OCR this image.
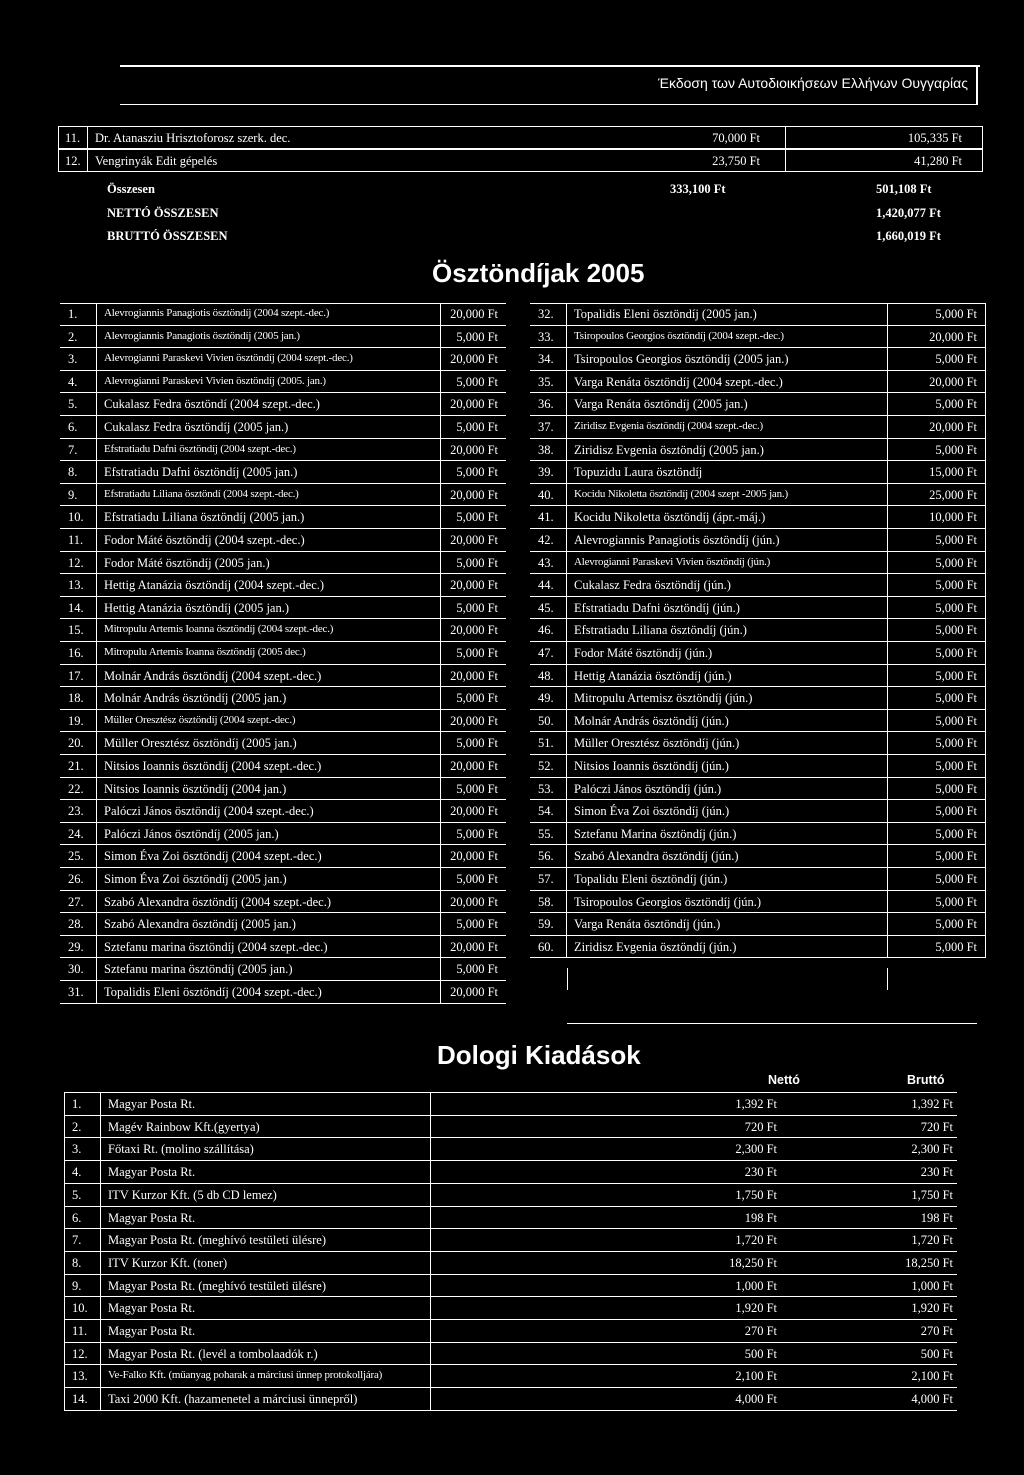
Έκδοση των Αυτοδιοικήσεων Ελλήνων Ουγγαρίας
11. Dr. Atanasziu Hrisztoforosz szerk. dec.	70,000 Ft	105,335 Ft
12. Vengrinyák Edit gépelés	23,750 Ft	41,280 Ft
Összesen	333,100 Ft	501,108 Ft
NETTÓ ÖSSZESEN	1,420,077 Ft
BRUTTÓ ÖSSZESEN	1,660,019 Ft
Ösztöndíjak 2005
1. Alevrogiannis Panagiotis ösztöndíj (2004 szept.-dec.)	20,000 Ft
2. Alevrogiannis Panagiotis ösztöndíj (2005 jan.)	5,000 Ft
3. Alevrogianni Paraskevi Vivien ösztöndíj (2004 szept.-dec.)	20,000 Ft
4. Alevrogianni Paraskevi Vivien ösztöndíj (2005. jan.)	5,000 Ft
5. Cukalasz Fedra ösztöndí (2004 szept.-dec.)	20,000 Ft
6. Cukalasz Fedra ösztöndíj (2005 jan.)	5,000 Ft
7. Efstratiadu Dafni ösztöndíj (2004 szept.-dec.)	20,000 Ft
8. Efstratiadu Dafni ösztöndíj (2005 jan.)	5,000 Ft
9. Efstratiadu Liliana ösztöndí (2004 szept.-dec.)	20,000 Ft
10. Efstratiadu Liliana ösztöndíj (2005 jan.)	5,000 Ft
11. Fodor Máté ösztöndíj (2004 szept.-dec.)	20,000 Ft
12. Fodor Máté ösztöndíj (2005 jan.)	5,000 Ft
13. Hettig Atanázia ösztöndíj (2004 szept.-dec.)	20,000 Ft
14. Hettig Atanázia ösztöndíj (2005 jan.)	5,000 Ft
15. Mitropulu Artemis Ioanna ösztöndíj (2004 szept.-dec.)	20,000 Ft
16. Mitropulu Artemis Ioanna ösztöndíj (2005 dec.)	5,000 Ft
17. Molnár András ösztöndíj (2004 szept.-dec.)	20,000 Ft
18. Molnár András ösztöndíj (2005 jan.)	5,000 Ft
19. Müller Oresztész ösztöndíj (2004 szept.-dec.)	20,000 Ft
20. Müller Oresztész ösztöndíj (2005 jan.)	5,000 Ft
21. Nitsios Ioannis ösztöndíj (2004 szept.-dec.)	20,000 Ft
22. Nitsios Ioannis ösztöndíj (2004 jan.)	5,000 Ft
23. Palóczi János ösztöndíj (2004 szept.-dec.)	20,000 Ft
24. Palóczi János ösztöndíj (2005 jan.)	5,000 Ft
25. Simon Éva Zoi ösztöndíj (2004 szept.-dec.)	20,000 Ft
26. Simon Éva Zoi ösztöndíj (2005 jan.)	5,000 Ft
27. Szabó Alexandra ösztöndíj (2004 szept.-dec.)	20,000 Ft
28. Szabó Alexandra ösztöndíj (2005 jan.)	5,000 Ft
29. Sztefanu marina ösztöndíj (2004 szept.-dec.)	20,000 Ft
30. Sztefanu marina ösztöndíj (2005 jan.)	5,000 Ft
31. Topalidis Eleni ösztöndíj (2004 szept.-dec.)	20,000 Ft
32. Topalidis Eleni ösztöndíj (2005 jan.)	5,000 Ft
33. Tsiropoulos Georgios ösztöndíj (2004 szept.-dec.)	20,000 Ft
34. Tsiropoulos Georgios ösztöndíj (2005 jan.)	5,000 Ft
35. Varga Renáta ösztöndíj (2004 szept.-dec.)	20,000 Ft
36. Varga Renáta ösztöndíj (2005 jan.)	5,000 Ft
37. Ziridisz Evgenia ösztöndíj (2004 szept.-dec.)	20,000 Ft
38. Ziridisz Evgenia ösztöndíj (2005 jan.)	5,000 Ft
39. Topuzidu Laura ösztöndíj	15,000 Ft
40. Kocidu Nikoletta ösztöndíj (2004 szept -2005 jan.)	25,000 Ft
41. Kocidu Nikoletta ösztöndíj (ápr.-máj.)	10,000 Ft
42. Alevrogiannis Panagiotis ösztöndíj (jún.)	5,000 Ft
43. Alevrogianni Paraskevi Vivien ösztöndíj (jún.)	5,000 Ft
44. Cukalasz Fedra ösztöndíj (jún.)	5,000 Ft
45. Efstratiadu Dafni ösztöndíj (jún.)	5,000 Ft
46. Efstratiadu Liliana ösztöndíj (jún.)	5,000 Ft
47. Fodor Máté ösztöndíj (jún.)	5,000 Ft
48. Hettig Atanázia ösztöndíj (jún.)	5,000 Ft
49. Mitropulu Artemisz ösztöndíj (jún.)	5,000 Ft
50. Molnár András ösztöndíj (jún.)	5,000 Ft
51. Müller Oresztész ösztöndíj (jún.)	5,000 Ft
52. Nitsios Ioannis ösztöndíj (jún.)	5,000 Ft
53. Palóczi János ösztöndíj (jún.)	5,000 Ft
54. Simon Éva Zoi ösztöndíj (jún.)	5,000 Ft
55. Sztefanu Marina ösztöndíj (jún.)	5,000 Ft
56. Szabó Alexandra ösztöndíj (jún.)	5,000 Ft
57. Topalidu Eleni ösztöndíj (jún.)	5,000 Ft
58. Tsiropoulos Georgios ösztöndíj (jún.)	5,000 Ft
59. Varga Renáta ösztöndíj (jún.)	5,000 Ft
60. Ziridisz Evgenia ösztöndíj (jún.)	5,000 Ft
Dologi Kiadások
Nettó	Bruttó
1. Magyar Posta Rt.	1,392 Ft	1,392 Ft
2. Magév Rainbow Kft.(gyertya)	720 Ft	720 Ft
3. Főtaxi Rt. (molino szállítása)	2,300 Ft	2,300 Ft
4. Magyar Posta Rt.	230 Ft	230 Ft
5. ITV Kurzor Kft. (5 db CD lemez)	1,750 Ft	1,750 Ft
6. Magyar Posta Rt.	198 Ft	198 Ft
7. Magyar Posta Rt. (meghívó testületi ülésre)	1,720 Ft	1,720 Ft
8. ITV Kurzor Kft. (toner)	18,250 Ft	18,250 Ft
9. Magyar Posta Rt. (meghívó testületi ülésre)	1,000 Ft	1,000 Ft
10. Magyar Posta Rt.	1,920 Ft	1,920 Ft
11. Magyar Posta Rt.	270 Ft	270 Ft
12. Magyar Posta Rt. (levél a tombolaadók r.)	500 Ft	500 Ft
13. Ve-Falko Kft. (műanyag poharak a márciusi ünnep protokolljára)	2,100 Ft	2,100 Ft
14. Taxi 2000 Kft. (hazamenetel a márciusi ünnepről)	4,000 Ft	4,000 Ft
